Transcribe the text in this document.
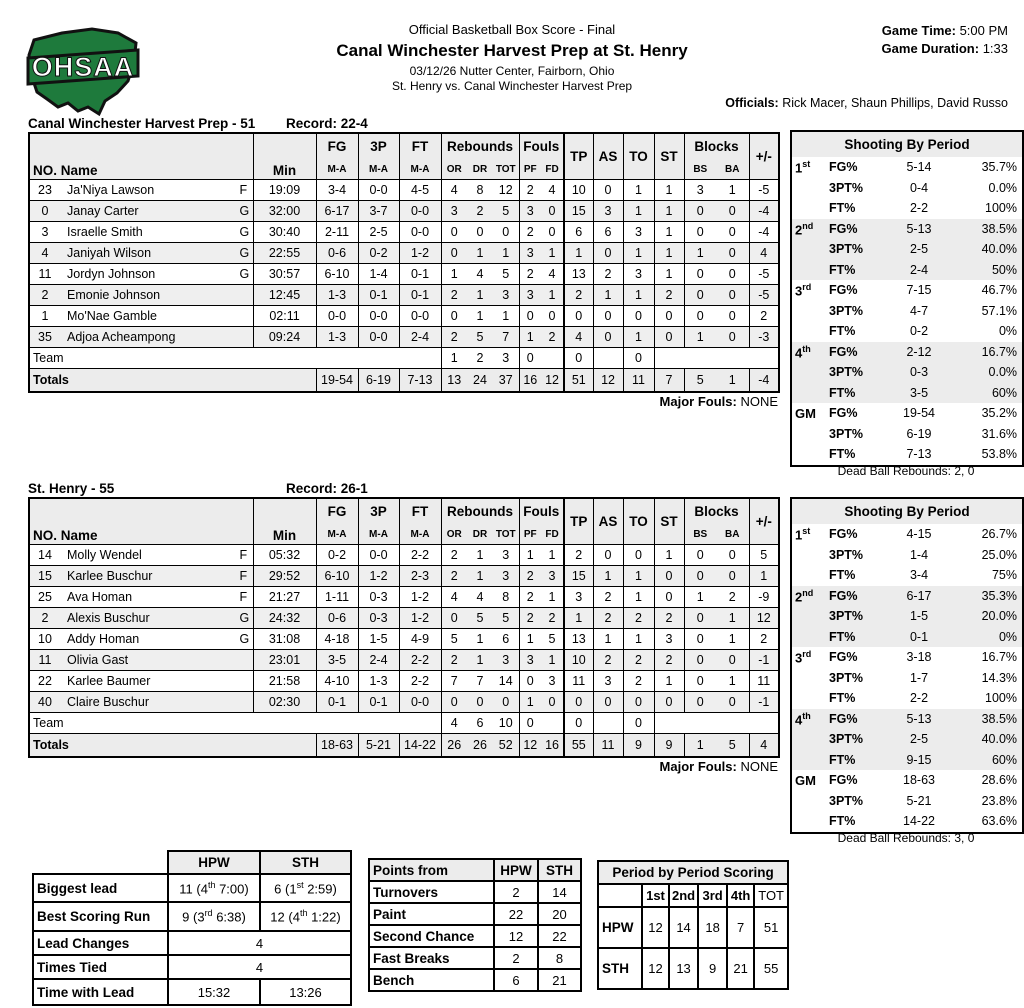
OHSAA
Official Basketball Box Score - Final
Canal Winchester Harvest Prep at St. Henry
03/12/26 Nutter Center, Fairborn, Ohio
St. Henry vs. Canal Winchester Harvest Prep
Game Time: 5:00 PM
Game Duration: 1:33
Officials: Rick Macer, Shaun Phillips, David Russo
Canal Winchester Harvest Prep - 51 Record: 22-4
NO. Name	Min	FG	3P	FT	Rebounds			Fouls		TP	AS	TO	ST	Blocks		+/-
		M-A	M-A	M-A	OR	DR	TOT	PF	FD					BS	BA	

23 Ja'Niya Lawson F	19:09	3-4	0-0	4-5	4	8	12	2	4	10	0	1	1	3	1	-5

0 Janay Carter G	32:00	6-17	3-7	0-0	3	2	5	3	0	15	3	1	1	0	0	-4

3 Israelle Smith G	30:40	2-11	2-5	0-0	0	0	0	2	0	6	6	3	1	0	0	-4

4 Janiyah Wilson G	22:55	0-6	0-2	1-2	0	1	1	3	1	1	0	1	1	1	0	4

11 Jordyn Johnson G	30:57	6-10	1-4	0-1	1	4	5	2	4	13	2	3	1	0	0	-5

2 Emonie Johnson	12:45	1-3	0-1	0-1	2	1	3	3	1	2	1	1	2	0	0	-5

1 Mo'Nae Gamble	02:11	0-0	0-0	0-0	0	1	1	0	0	0	0	0	0	0	0	2

35 Adjoa Acheampong	09:24	1-3	0-0	2-4	2	5	7	1	2	4	0	1	0	1	0	-3
Team					1	2	3	0		0		0				
Totals		19-54	6-19	7-13	13	24	37	16	12	51	12	11	7	5	1	-4
Major Fouls: NONE
Shooting By Period			
1st	FG%	5-14	35.7%
	3PT%	0-4	0.0%
	FT%	2-2	100%
2nd	FG%	5-13	38.5%
	3PT%	2-5	40.0%
	FT%	2-4	50%
3rd	FG%	7-15	46.7%
	3PT%	4-7	57.1%
	FT%	0-2	0%
4th	FG%	2-12	16.7%
	3PT%	0-3	0.0%
	FT%	3-5	60%
GM	FG%	19-54	35.2%
	3PT%	6-19	31.6%
	FT%	7-13	53.8%
Dead Ball Rebounds: 2, 0
St. Henry - 55	Record: 26-1
NO. Name	Min	FG	3P	FT	Rebounds			Fouls		TP	AS	TO	ST	Blocks		+/-
		M-A	M-A	M-A	OR	DR	TOT	PF	FD					BS	BA	

14 Molly Wendel F	05:32	0-2	0-0	2-2	2	1	3	1	1	2	0	0	1	0	0	5

15 Karlee Buschur F	29:52	6-10	1-2	2-3	2	1	3	2	3	15	1	1	0	0	0	1

25 Ava Homan F	21:27	1-11	0-3	1-2	4	4	8	2	1	3	2	1	0	1	2	-9

2 Alexis Buschur G	24:32	0-6	0-3	1-2	0	5	5	2	2	1	2	2	2	0	1	12

10 Addy Homan G	31:08	4-18	1-5	4-9	5	1	6	1	5	13	1	1	3	0	1	2

11 Olivia Gast	23:01	3-5	2-4	2-2	2	1	3	3	1	10	2	2	2	0	0	-1

22 Karlee Baumer	21:58	4-10	1-3	2-2	7	7	14	0	3	11	3	2	1	0	1	11

40 Claire Buschur	02:30	0-1	0-1	0-0	0	0	0	1	0	0	0	0	0	0	0	-1
Team					4	6	10	0		0		0				
Totals		18-63	5-21	14-22	26	26	52	12	16	55	11	9	9	1	5	4
Major Fouls: NONE
Shooting By Period			
1st	FG%	4-15	26.7%
	3PT%	1-4	25.0%
	FT%	3-4	75%
2nd	FG%	6-17	35.3%
	3PT%	1-5	20.0%
	FT%	0-1	0%
3rd	FG%	3-18	16.7%
	3PT%	1-7	14.3%
	FT%	2-2	100%
4th	FG%	5-13	38.5%
	3PT%	2-5	40.0%
	FT%	9-15	60%
GM	FG%	18-63	28.6%
	3PT%	5-21	23.8%
	FT%	14-22	63.6%
Dead Ball Rebounds: 3, 0
	HPW	STH
Biggest lead	11 (4th 7:00)	6 (1st 2:59)
Best Scoring Run	9 (3rd 6:38)	12 (4th 1:22)
Lead Changes	4	
Times Tied	4	
Time with Lead	15:32	13:26
Points from	HPW	STH
Turnovers	2	14
Paint	22	20
Second Chance	12	22
Fast Breaks	2	8
Bench	6	21
Period by Period Scoring					
	1st	2nd	3rd	4th	TOT
HPW	12	14	18	7	51
STH	12	13	9	21	55
